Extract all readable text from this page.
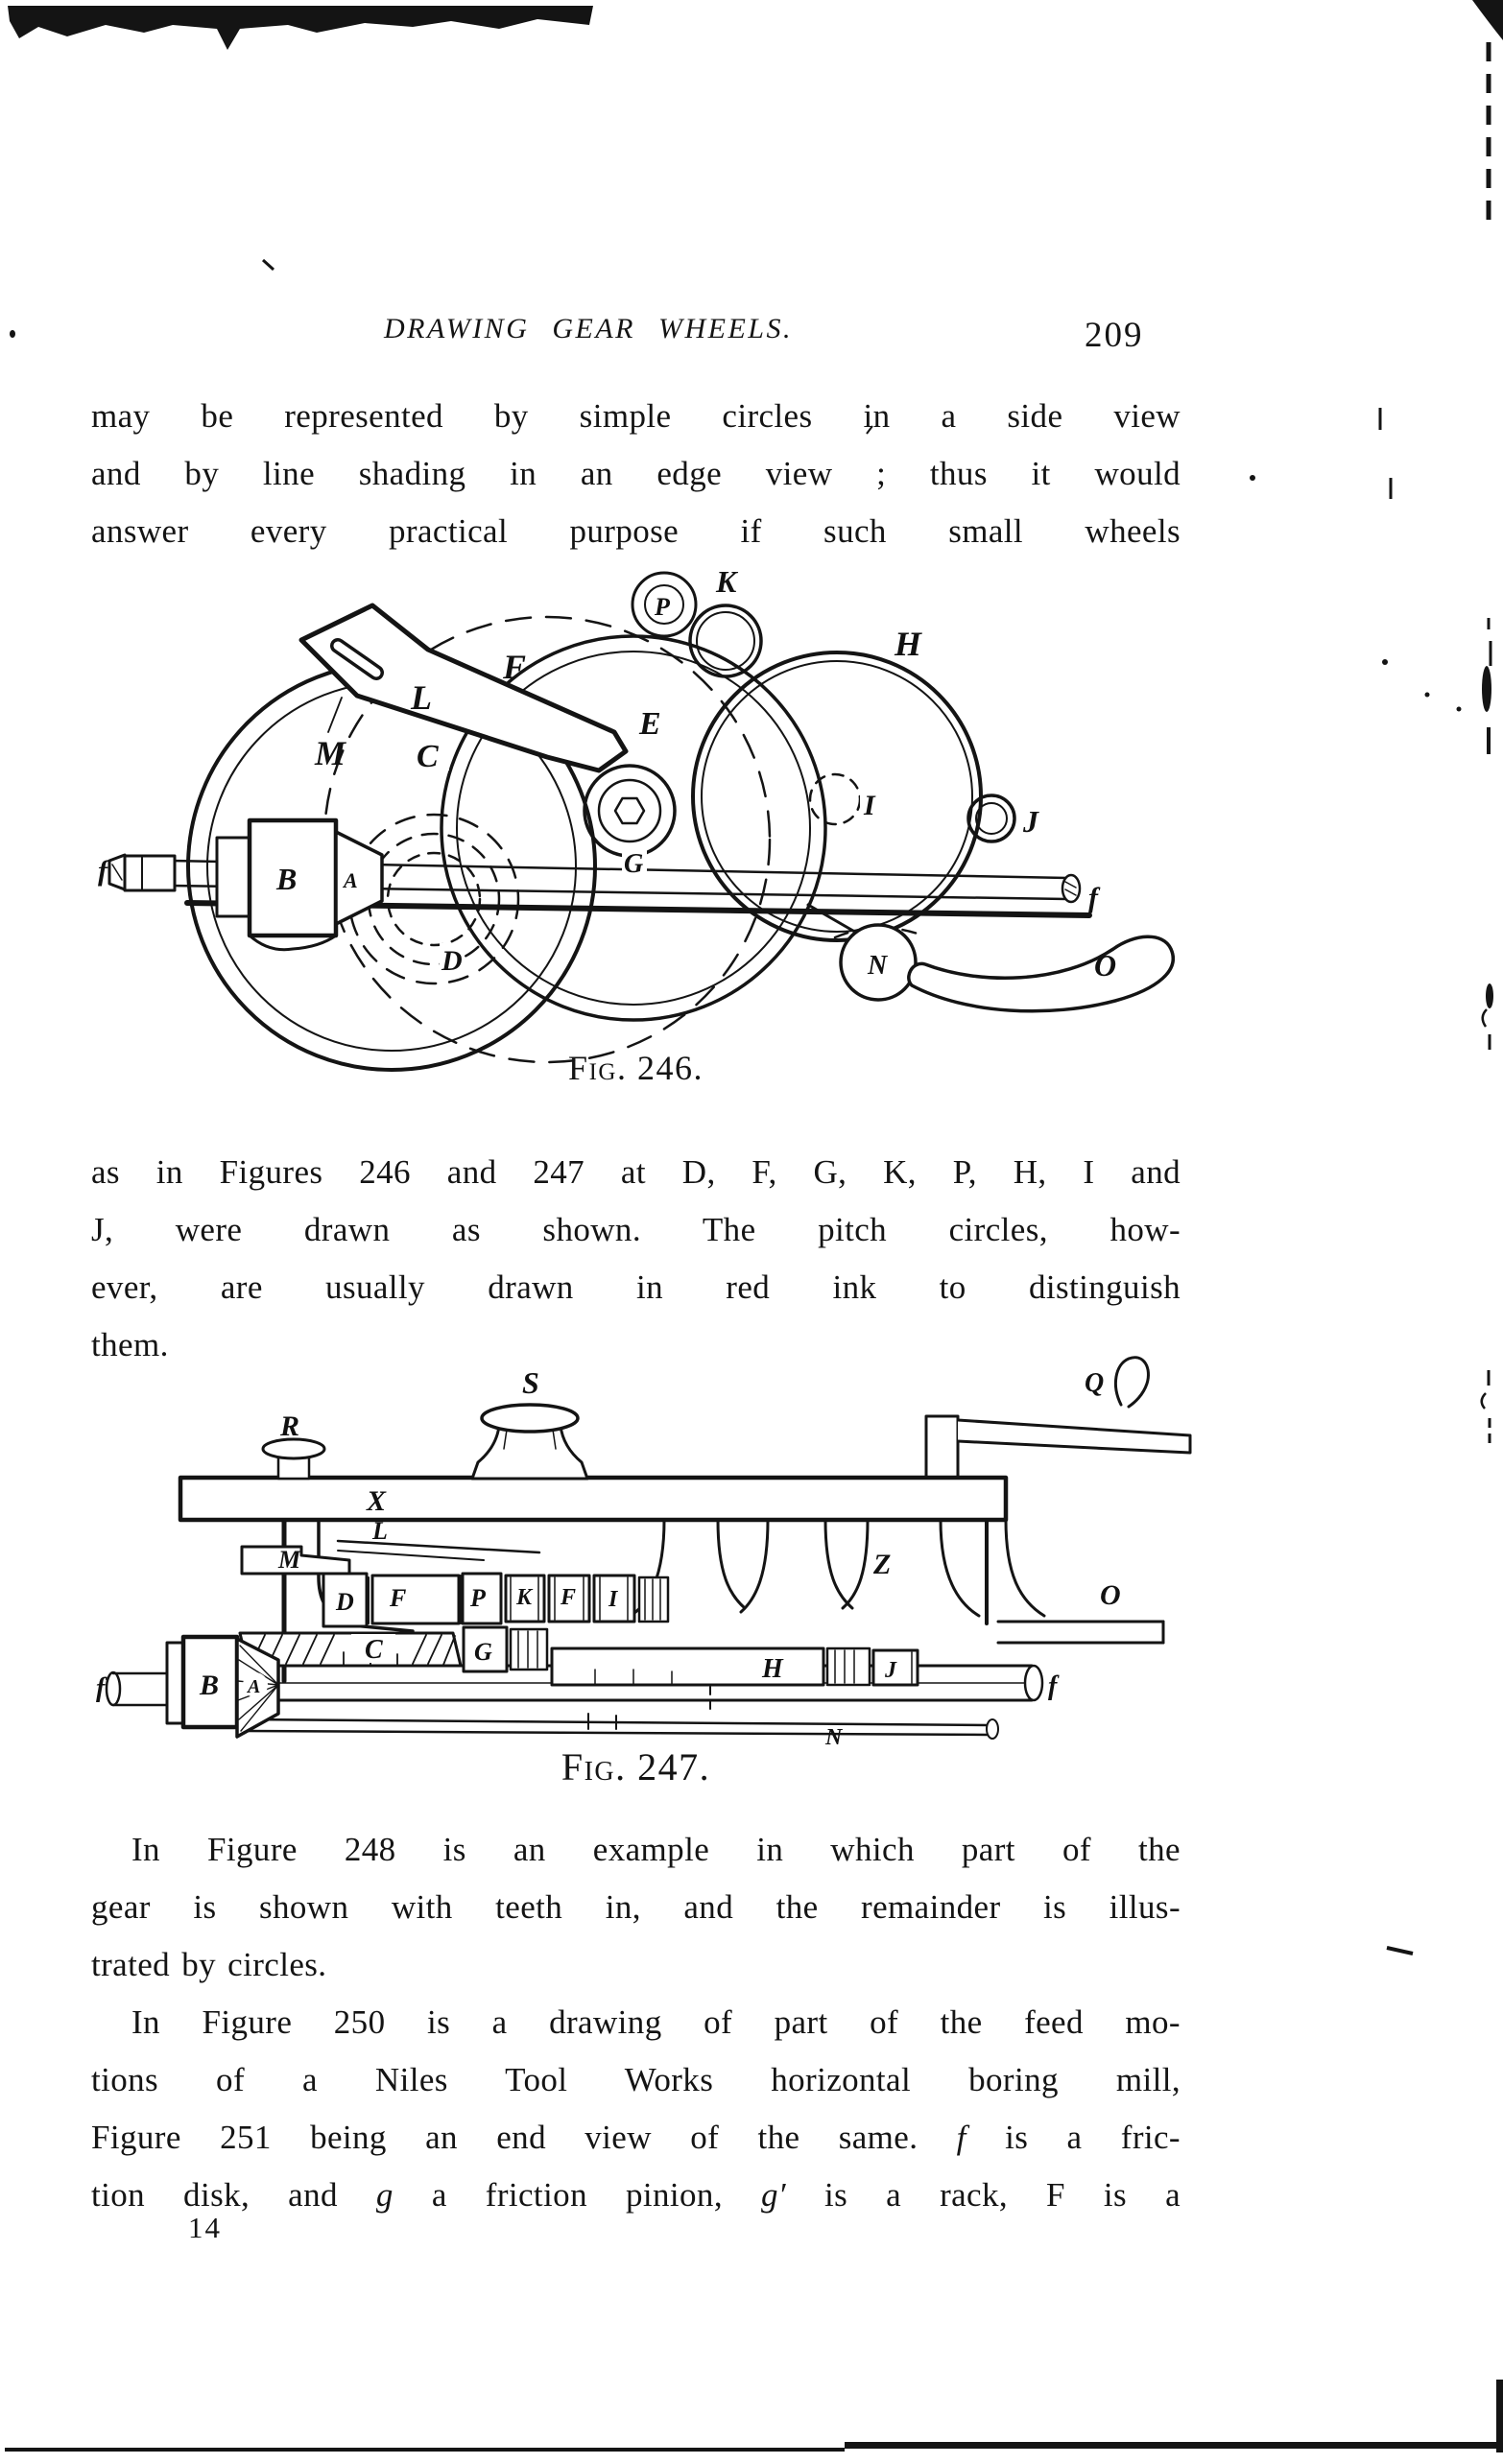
DRAWING GEAR WHEELS.	209
may be represented by simple circles in a side view
and by line shading in an edge view ; thus it would
answer every practical purpose if such small wheels
C
M
L
F
E
P
K
H
I	J
G
D	N	O
B A
f
f
Fig. 246.
as in Figures 246 and 247 at D, F, G, K, P, H, I and
J, were drawn as shown. The pitch circles, how-
ever, are usually drawn in red ink to distinguish
them.
R
S	Q
X
M
L
D F	P K F I
Z
O
C	G
H	J
N
B A
f	f
Fig. 247.
In Figure 248 is an example in which part of the
gear is shown with teeth in, and the remainder is illus-
trated by circles.
In Figure 250 is a drawing of part of the feed mo-
tions of a Niles Tool Works horizontal boring mill,
Figure 251 being an end view of the same. f is a fric-
tion disk, and g a friction pinion, g′ is a rack, F is a
14
